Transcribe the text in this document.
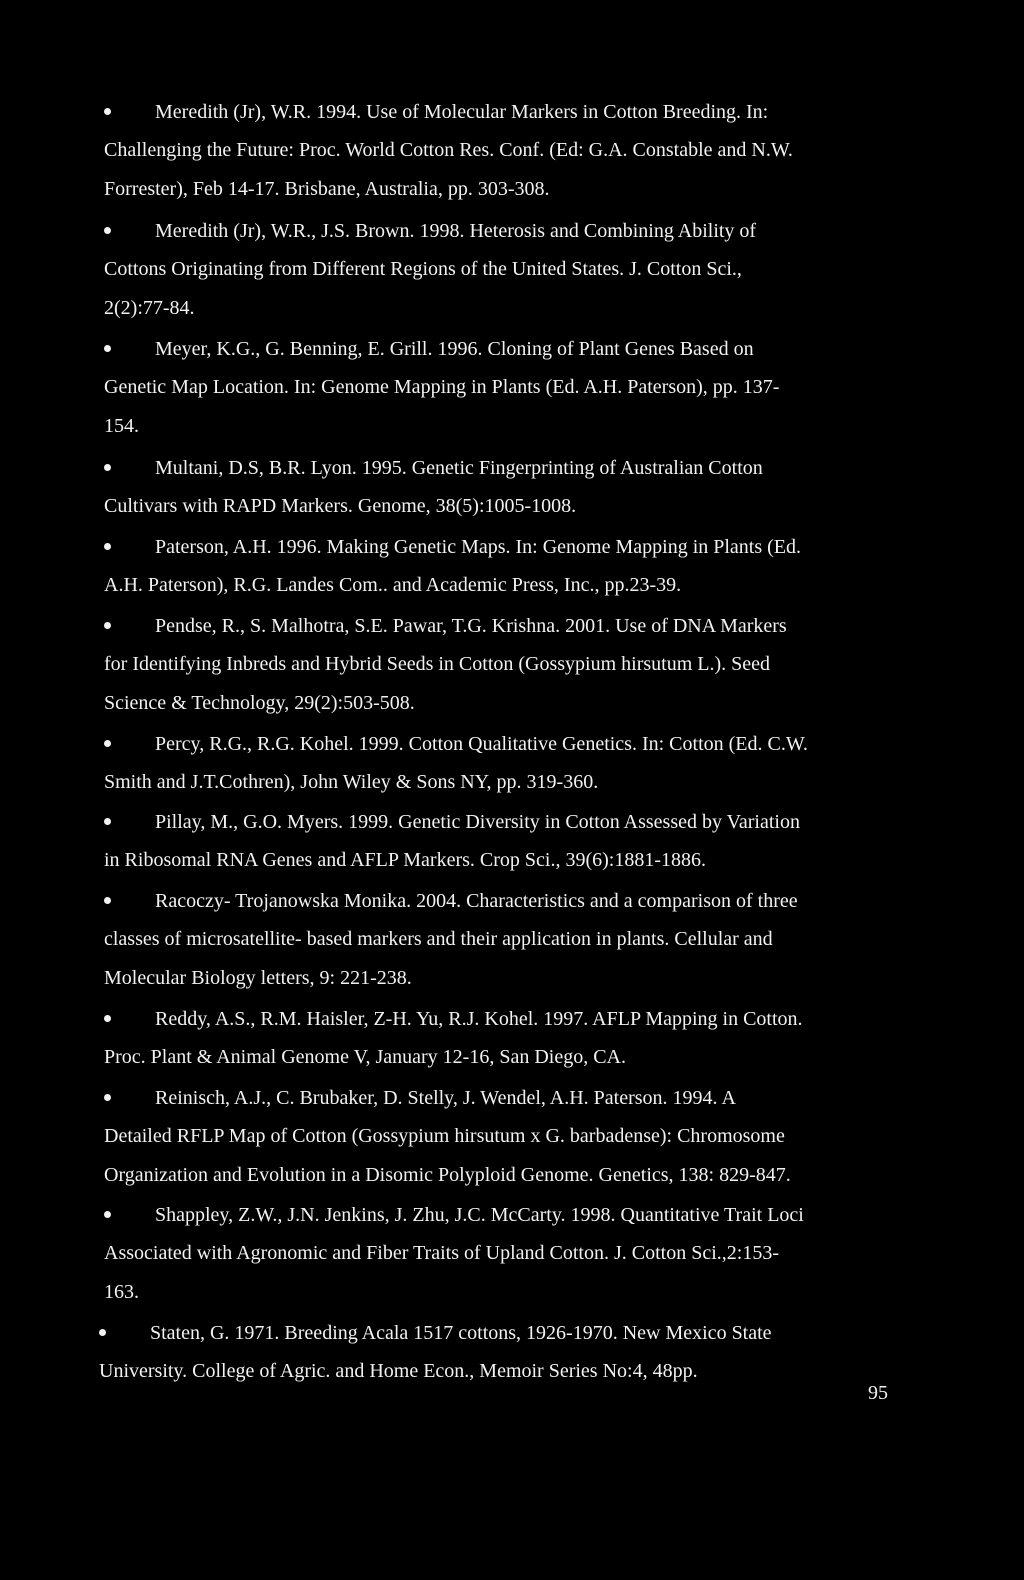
Meredith (Jr), W.R. 1994. Use of Molecular Markers in Cotton Breeding. In:
Challenging the Future: Proc. World Cotton Res. Conf. (Ed: G.A. Constable and N.W.
Forrester), Feb 14-17. Brisbane, Australia, pp. 303-308.
Meredith (Jr), W.R., J.S. Brown. 1998. Heterosis and Combining Ability of
Cottons Originating from Different Regions of the United States. J. Cotton Sci.,
2(2):77-84.
Meyer, K.G., G. Benning, E. Grill. 1996. Cloning of Plant Genes Based on
Genetic Map Location. In: Genome Mapping in Plants (Ed. A.H. Paterson), pp. 137-
154.
Multani, D.S, B.R. Lyon. 1995. Genetic Fingerprinting of Australian Cotton
Cultivars with RAPD Markers. Genome, 38(5):1005-1008.
Paterson, A.H. 1996. Making Genetic Maps. In: Genome Mapping in Plants (Ed.
A.H. Paterson), R.G. Landes Com.. and Academic Press, Inc., pp.23-39.
Pendse, R., S. Malhotra, S.E. Pawar, T.G. Krishna. 2001. Use of DNA Markers
for Identifying Inbreds and Hybrid Seeds in Cotton (Gossypium hirsutum L.). Seed
Science & Technology, 29(2):503-508.
Percy, R.G., R.G. Kohel. 1999. Cotton Qualitative Genetics. In: Cotton (Ed. C.W.
Smith and J.T.Cothren), John Wiley & Sons NY, pp. 319-360.
Pillay, M., G.O. Myers. 1999. Genetic Diversity in Cotton Assessed by Variation
in Ribosomal RNA Genes and AFLP Markers. Crop Sci., 39(6):1881-1886.
Racoczy- Trojanowska Monika. 2004. Characteristics and a comparison of three
classes of microsatellite- based markers and their application in plants. Cellular and
Molecular Biology letters, 9: 221-238.
Reddy, A.S., R.M. Haisler, Z-H. Yu, R.J. Kohel. 1997. AFLP Mapping in Cotton.
Proc. Plant & Animal Genome V, January 12-16, San Diego, CA.
Reinisch, A.J., C. Brubaker, D. Stelly, J. Wendel, A.H. Paterson. 1994. A
Detailed RFLP Map of Cotton (Gossypium hirsutum x G. barbadense): Chromosome
Organization and Evolution in a Disomic Polyploid Genome. Genetics, 138: 829-847.
Shappley, Z.W., J.N. Jenkins, J. Zhu, J.C. McCarty. 1998. Quantitative Trait Loci
Associated with Agronomic and Fiber Traits of Upland Cotton. J. Cotton Sci.,2:153-
163.
Staten, G. 1971. Breeding Acala 1517 cottons, 1926-1970. New Mexico State
University. College of Agric. and Home Econ., Memoir Series No:4, 48pp.
95
